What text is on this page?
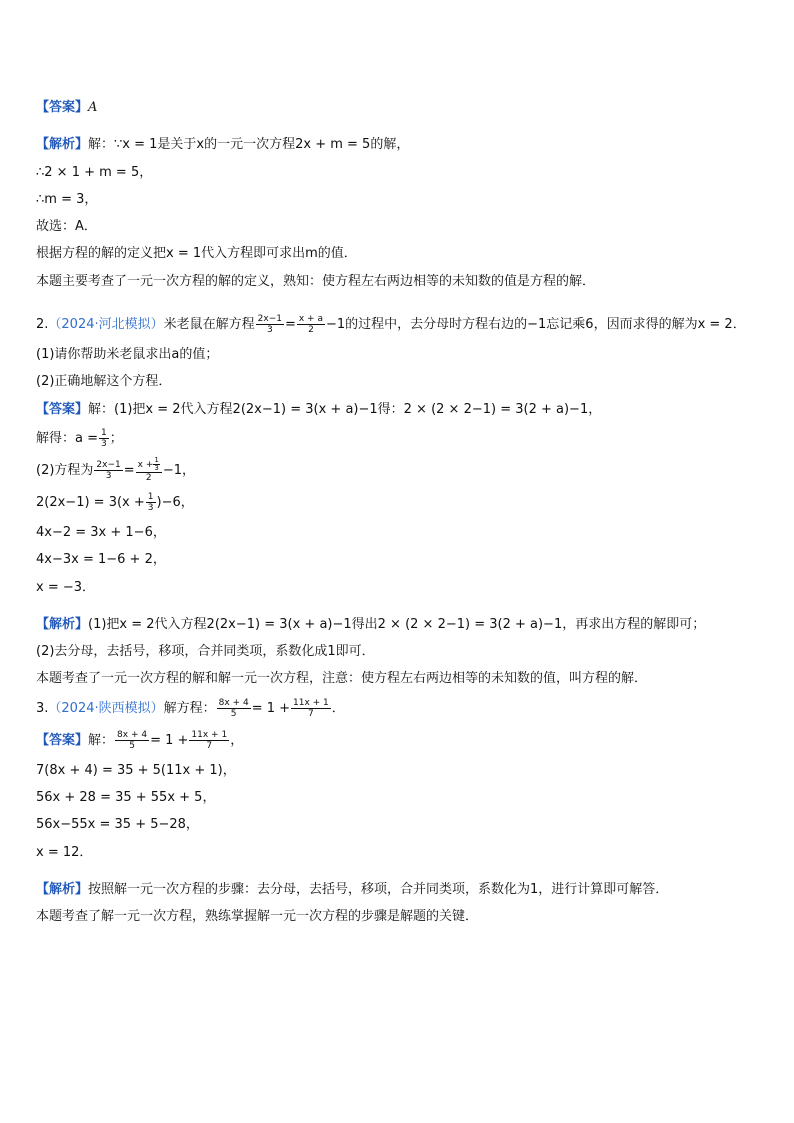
【答案】A
【解析】解：∵x = 1是关于x的一元一次方程2x + m = 5的解，
∴2 × 1 + m = 5，
∴m = 3，
故选：A．
根据方程的解的定义把x = 1代入方程即可求出m的值．
本题主要考查了一元一次方程的解的定义，熟知：使方程左右两边相等的未知数的值是方程的解．
2.（2024·河北模拟）米老鼠在解方程 $\frac{2x-1}{3} = \frac{x + a}{2} -1$的过程中，去分母时方程右边的−1忘记乘6，因而求得的解为x = 2．
(1)请你帮助米老鼠求出a的值；
(2)正确地解这个方程．
【答案】解：(1)把x = 2代入方程2(2x−1) = 3(x + a)−1得：2 × (2 × 2−1) = 3(2 + a)−1，
解得：$a = \frac{1}{3}$ ；
(2)方程为 $\frac{2x-1}{3} = \frac{x + \frac{1}{3}}{2} -1$，
$2(2x-1) = 3(x + \frac{1}{3} )-6$，
4x−2 = 3x + 1−6，
4x−3x = 1−6 + 2，
x = −3．
【解析】(1)把x = 2代入方程2(2x−1) = 3(x + a)−1得出2 × (2 × 2−1) = 3(2 + a)−1，再求出方程的解即可；
(2)去分母，去括号，移项，合并同类项，系数化成1即可．
本题考查了一元一次方程的解和解一元一次方程，注意：使方程左右两边相等的未知数的值，叫方程的解．
3.（2024·陕西模拟）解方程： $\frac{8x + 4}{5} = 1 + \frac{11x + 1}{7}$ ．
【答案】解： $\frac{8x + 4}{5} = 1 + \frac{11x + 1}{7}$ ，
7(8x + 4) = 35 + 5(11x + 1)，
56x + 28 = 35 + 55x + 5，
56x−55x = 35 + 5−28，
x = 12．
【解析】按照解一元一次方程的步骤：去分母，去括号，移项，合并同类项，系数化为1，进行计算即可解答．
本题考查了解一元一次方程，熟练掌握解一元一次方程的步骤是解题的关键．
